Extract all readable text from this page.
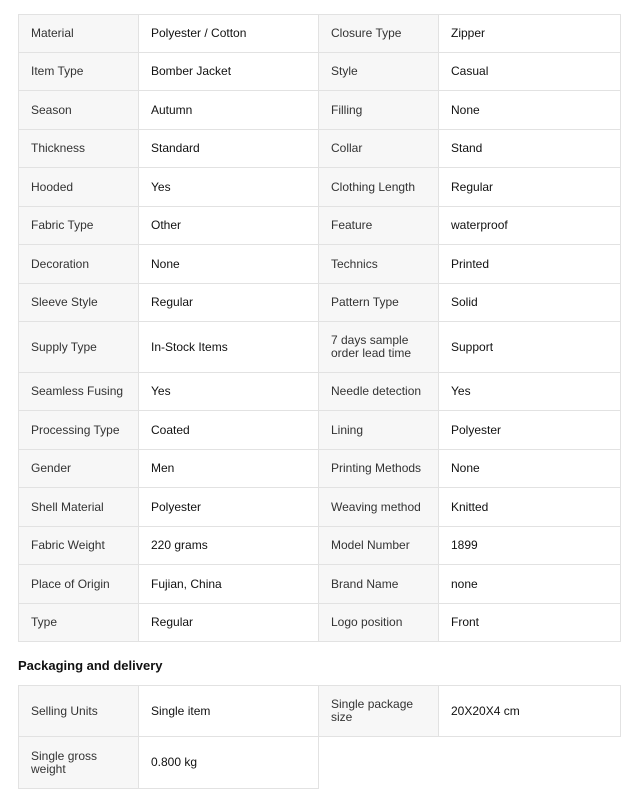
Material	Polyester / Cotton	Closure Type	Zipper
Item Type	Bomber Jacket	Style	Casual
Season	Autumn	Filling	None
Thickness	Standard	Collar	Stand
Hooded	Yes	Clothing Length	Regular
Fabric Type	Other	Feature	waterproof
Decoration	None	Technics	Printed
Sleeve Style	Regular	Pattern Type	Solid
Supply Type	In-Stock Items	7 days sample order lead time	Support
Seamless Fusing	Yes	Needle detection	Yes
Processing Type	Coated	Lining	Polyester
Gender	Men	Printing Methods	None
Shell Material	Polyester	Weaving method	Knitted
Fabric Weight	220 grams	Model Number	1899
Place of Origin	Fujian, China	Brand Name	none
Type	Regular	Logo position	Front
Packaging and delivery
Selling Units	Single item	Single package size	20X20X4 cm
Single gross weight	0.800 kg		
